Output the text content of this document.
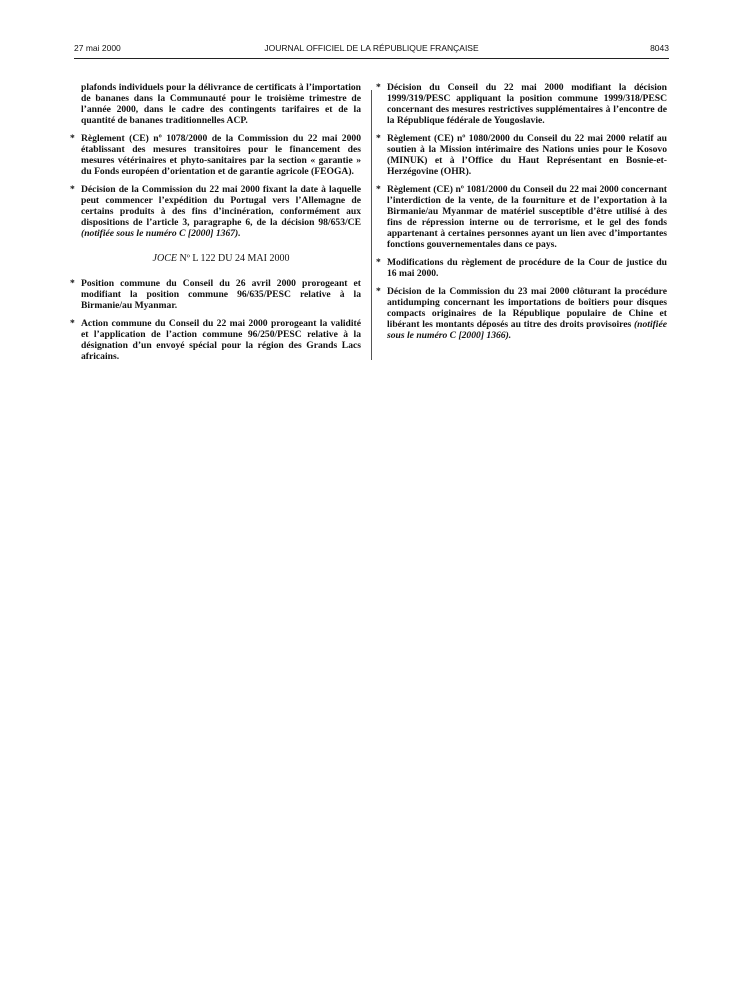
27 mai 2000	JOURNAL OFFICIEL DE LA RÉPUBLIQUE FRANÇAISE	8043

plafonds individuels pour la délivrance de certificats à l’importation de bananes dans la Communauté pour le troisième trimestre de l’année 2000, dans le cadre des contingents tarifaires et de la quantité de bananes traditionnelles ACP.

* Règlement (CE) nº 1078/2000 de la Commission du 22 mai 2000 établissant des mesures transitoires pour le financement des mesures vétérinaires et phyto-sanitaires par la section « garantie » du Fonds européen d’orientation et de garantie agricole (FEOGA).

* Décision de la Commission du 22 mai 2000 fixant la date à laquelle peut commencer l’expédition du Portugal vers l’Allemagne de certains produits à des fins d’incinération, conformément aux dispositions de l’article 3, paragraphe 6, de la décision 98/653/CE (notifiée sous le numéro C [2000] 1367).

JOCE Nº L 122 DU 24 MAI 2000

* Position commune du Conseil du 26 avril 2000 prorogeant et modifiant la position commune 96/635/PESC relative à la Birmanie/au Myanmar.

* Action commune du Conseil du 22 mai 2000 prorogeant la validité et l’application de l’action commune 96/250/PESC relative à la désignation d’un envoyé spécial pour la région des Grands Lacs africains.

* Décision du Conseil du 22 mai 2000 modifiant la décision 1999/319/PESC appliquant la position commune 1999/318/PESC concernant des mesures restrictives supplémentaires à l’encontre de la République fédérale de Yougoslavie.

* Règlement (CE) nº 1080/2000 du Conseil du 22 mai 2000 relatif au soutien à la Mission intérimaire des Nations unies pour le Kosovo (MINUK) et à l’Office du Haut Représentant en Bosnie-et-Herzégovine (OHR).

* Règlement (CE) nº 1081/2000 du Conseil du 22 mai 2000 concernant l’interdiction de la vente, de la fourniture et de l’exportation à la Birmanie/au Myanmar de matériel susceptible d’être utilisé à des fins de répression interne ou de terrorisme, et le gel des fonds appartenant à certaines personnes ayant un lien avec d’importantes fonctions gouvernementales dans ce pays.

* Modifications du règlement de procédure de la Cour de justice du 16 mai 2000.

* Décision de la Commission du 23 mai 2000 clôturant la procédure antidumping concernant les importations de boîtiers pour disques compacts originaires de la République populaire de Chine et libérant les montants déposés au titre des droits provisoires (notifiée sous le numéro C [2000] 1366).
